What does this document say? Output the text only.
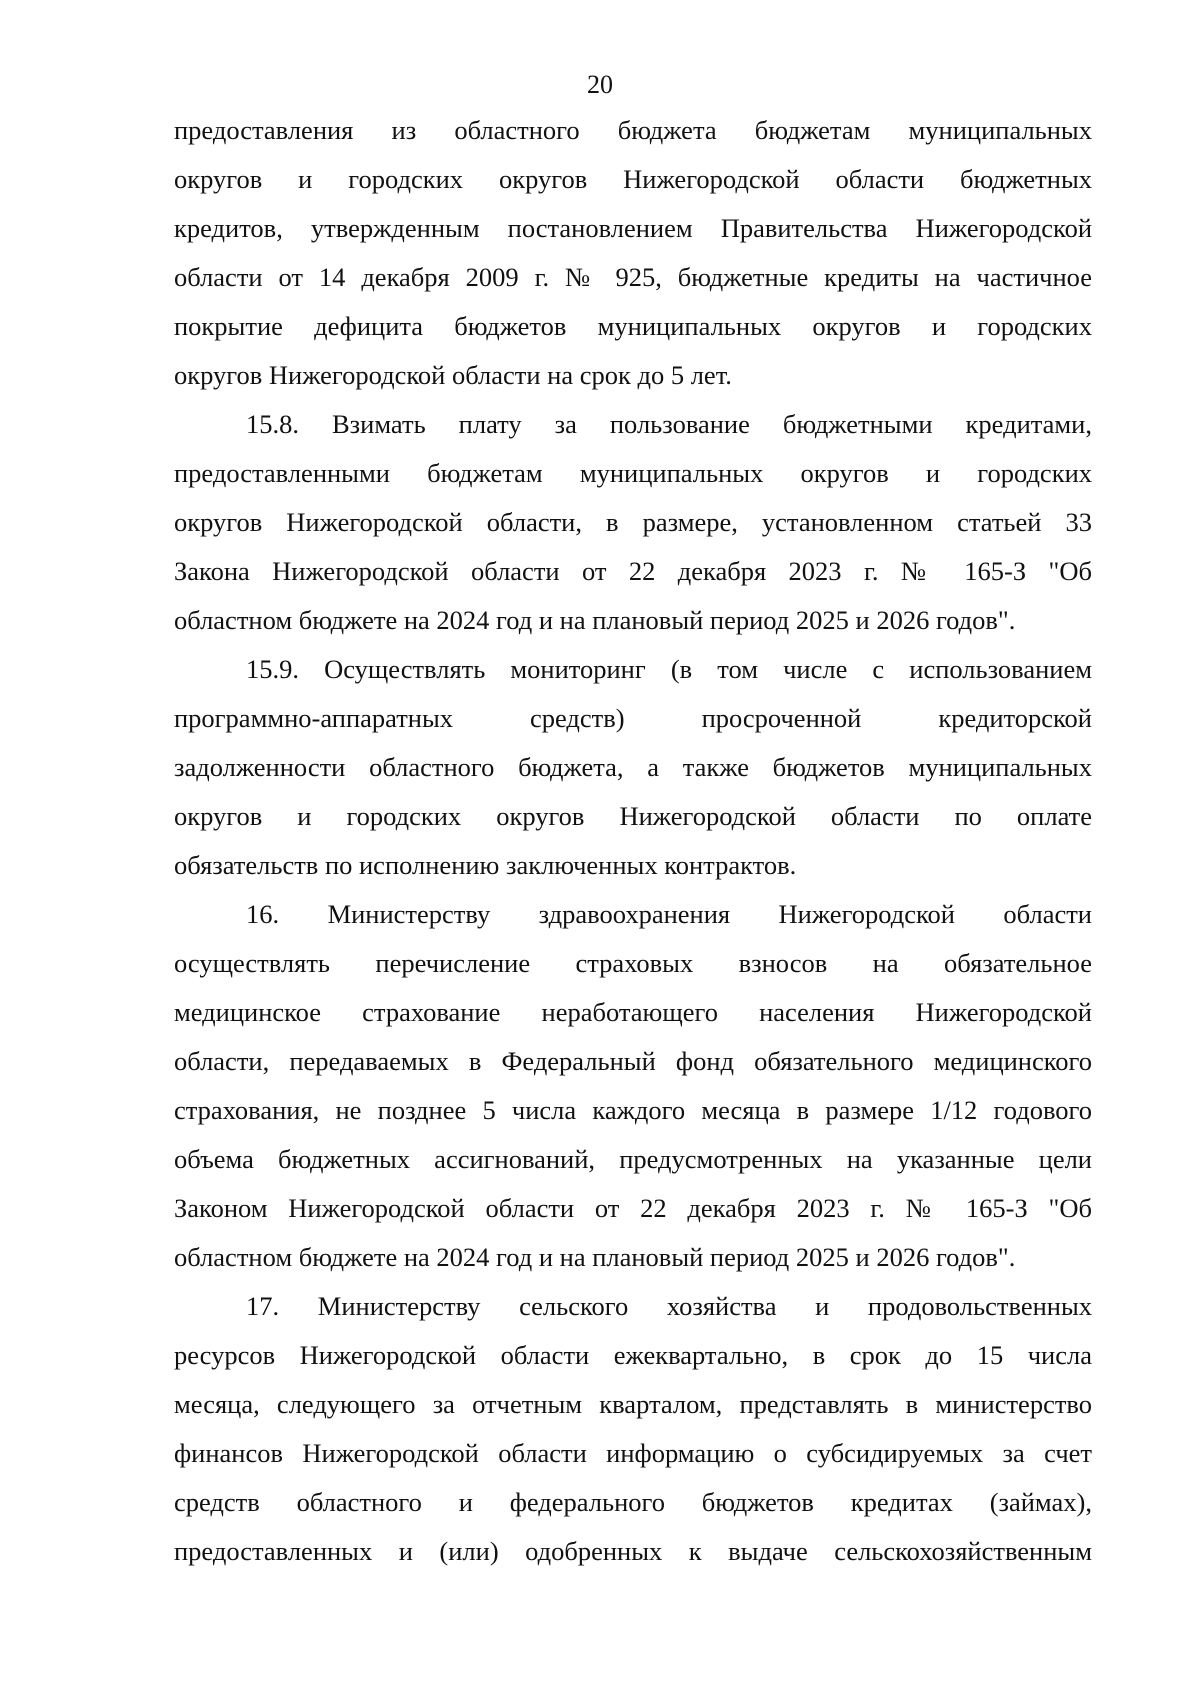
20
предоставления из областного бюджета бюджетам муниципальных
округов и городских округов Нижегородской области бюджетных
кредитов, утвержденным постановлением Правительства Нижегородской
области от 14 декабря 2009 г. № 925, бюджетные кредиты на частичное
покрытие дефицита бюджетов муниципальных округов и городских
округов Нижегородской области на срок до 5 лет.
15.8. Взимать плату за пользование бюджетными кредитами,
предоставленными бюджетам муниципальных округов и городских
округов Нижегородской области, в размере, установленном статьей 33
Закона Нижегородской области от 22 декабря 2023 г. № 165-З "Об
областном бюджете на 2024 год и на плановый период 2025 и 2026 годов".
15.9. Осуществлять мониторинг (в том числе с использованием
программно-аппаратных средств) просроченной кредиторской
задолженности областного бюджета, а также бюджетов муниципальных
округов и городских округов Нижегородской области по оплате
обязательств по исполнению заключенных контрактов.
16. Министерству здравоохранения Нижегородской области
осуществлять перечисление страховых взносов на обязательное
медицинское страхование неработающего населения Нижегородской
области, передаваемых в Федеральный фонд обязательного медицинского
страхования, не позднее 5 числа каждого месяца в размере 1/12 годового
объема бюджетных ассигнований, предусмотренных на указанные цели
Законом Нижегородской области от 22 декабря 2023 г. № 165-З "Об
областном бюджете на 2024 год и на плановый период 2025 и 2026 годов".
17. Министерству сельского хозяйства и продовольственных
ресурсов Нижегородской области ежеквартально, в срок до 15 числа
месяца, следующего за отчетным кварталом, представлять в министерство
финансов Нижегородской области информацию о субсидируемых за счет
средств областного и федерального бюджетов кредитах (займах),
предоставленных и (или) одобренных к выдаче сельскохозяйственным
